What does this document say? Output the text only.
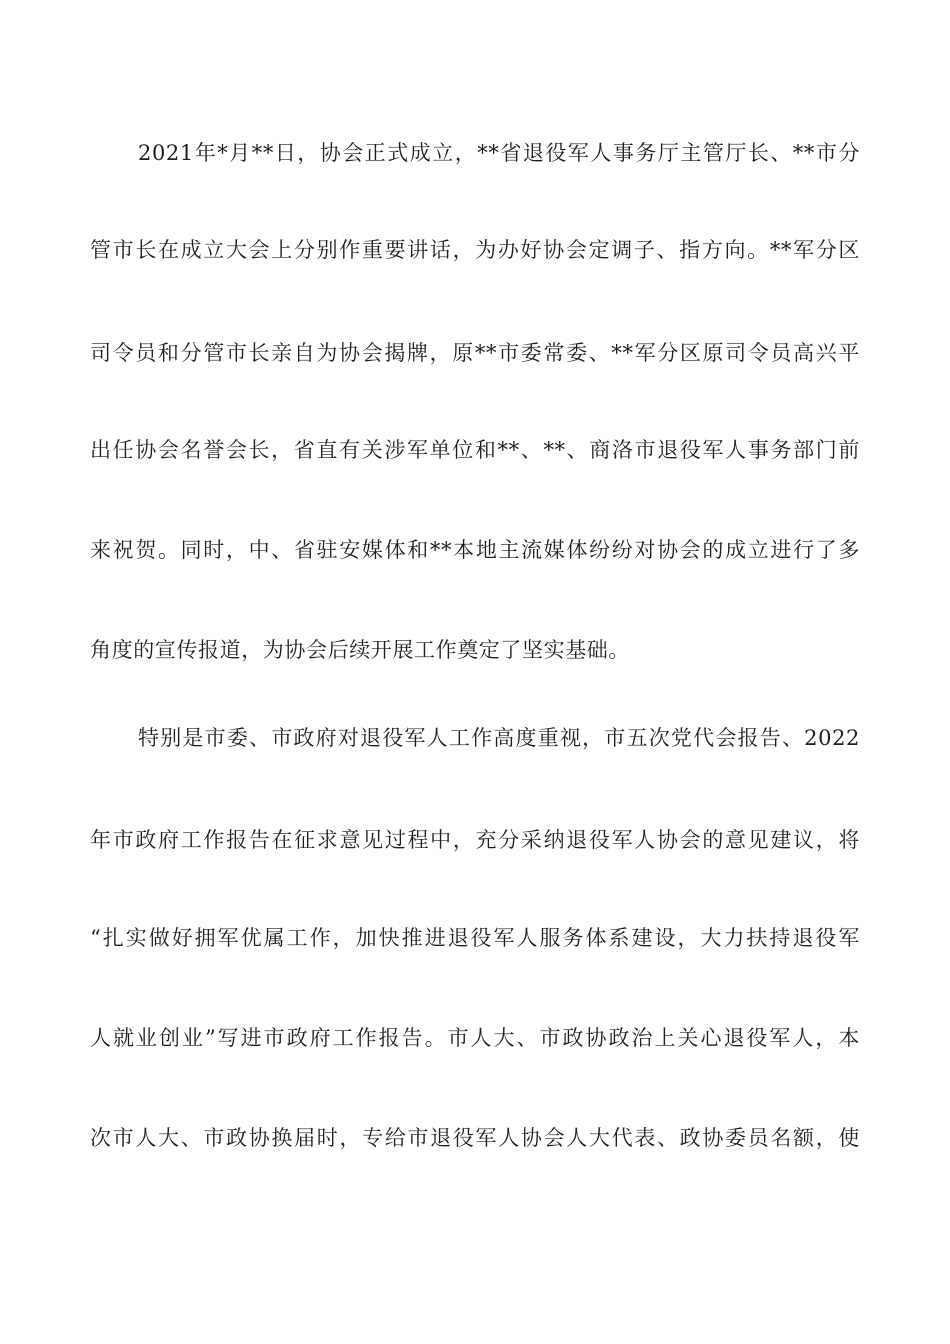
2021年*月**日，协会正式成立，**省退役军人事务厅主管厅长、**市分
管市长在成立大会上分别作重要讲话，为办好协会定调子、指方向。**军分区
司令员和分管市长亲自为协会揭牌，原**市委常委、**军分区原司令员高兴平
出任协会名誉会长，省直有关涉军单位和**、**、商洛市退役军人事务部门前
来祝贺。同时，中、省驻安媒体和**本地主流媒体纷纷对协会的成立进行了多
角度的宣传报道，为协会后续开展工作奠定了坚实基础。
特别是市委、市政府对退役军人工作高度重视，市五次党代会报告、2022
年市政府工作报告在征求意见过程中，充分采纳退役军人协会的意见建议，将
“扎实做好拥军优属工作，加快推进退役军人服务体系建设，大力扶持退役军
人就业创业”写进市政府工作报告。市人大、市政协政治上关心退役军人，本
次市人大、市政协换届时，专给市退役军人协会人大代表、政协委员名额，使
